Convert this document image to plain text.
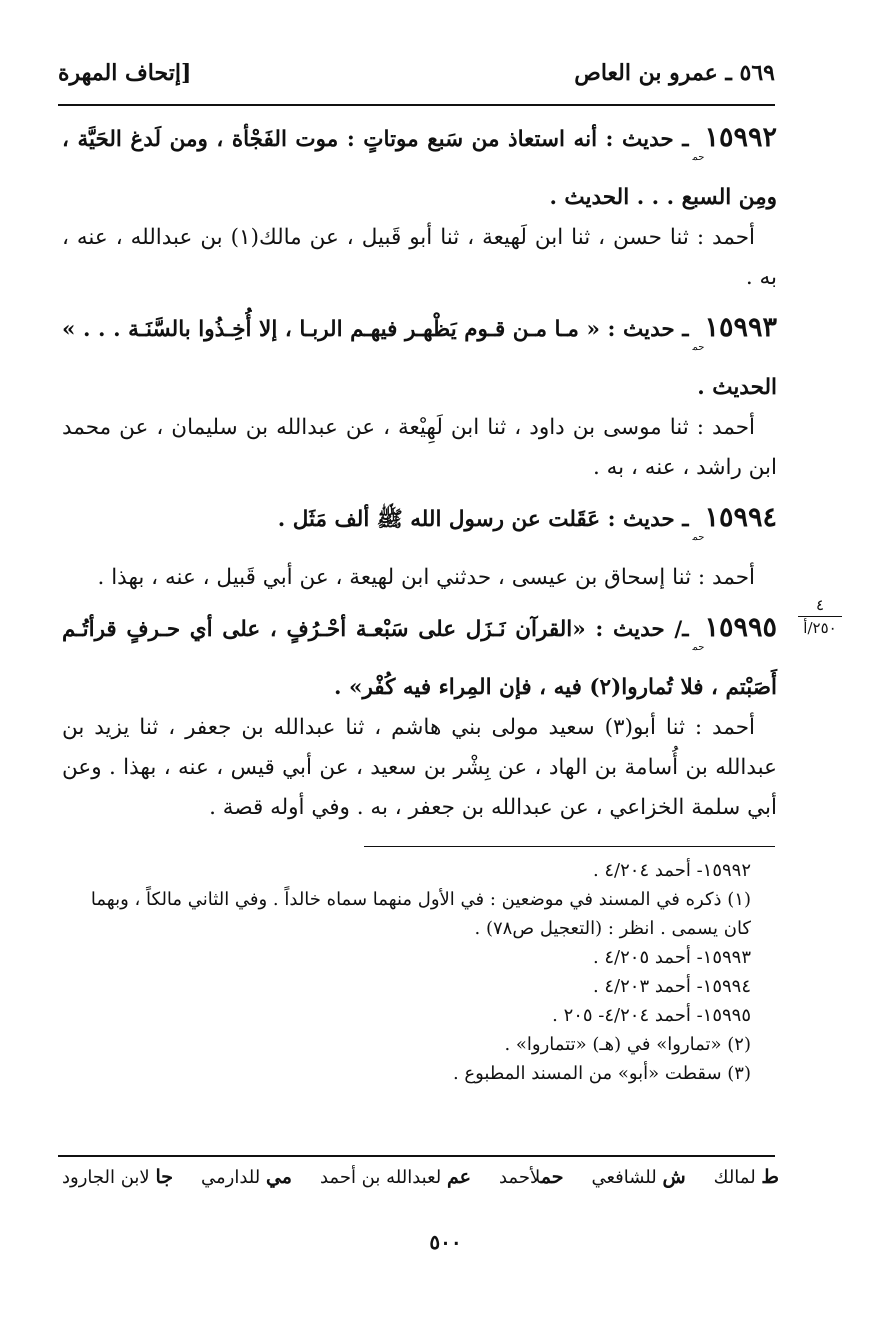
٥٦٩ ـ عمرو بن العاص
[إتحاف المهرة
$١٥٩٩٢_{حم}ـ$ حديث : أنه استعاذ من سَبع موتاتٍ : موت الفَجْأة ، ومن لَدغ الحَيَّة ، ومِن السبع . . . الحديث .
أحمد : ثنا حسن ، ثنا ابن لَهيعة ، ثنا أبو قَبيل ، عن مالك(١) بن عبدالله ، عنه ، به .
$١٥٩٩٣_{حم}ـ$ حديث : « مـا مـن قـوم يَظْهـر فيهـم الربـا ، إلا أُخِـذُوا بالسَّنَـة . . . » الحديث .
أحمد : ثنا موسى بن داود ، ثنا ابن لَهِيْعة ، عن عبدالله بن سليمان ، عن محمد ابن راشد ، عنه ، به .
$١٥٩٩٤_{حم}ـ$ حديث : عَقَلت عن رسول الله ﷺ ألف مَثَل .
أحمد : ثنا إسحاق بن عيسى ، حدثني ابن لهيعة ، عن أبي قَبيل ، عنه ، بهذا .
$١٥٩٩٥_{حم}ـ/$ حديث : «القرآن نَـزَل على سَبْعـة أحْـرُفٍ ، على أي حـرفٍ قرأتُـم أَصَبْتم ، فلا تُماروا(٢) فيه ، فإن المِراء فيه كُفْر» .
أحمد : ثنا أبو(٣) سعيد مولى بني هاشم ، ثنا عبدالله بن جعفر ، ثنا يزيد بن عبدالله بن أُسامة بن الهاد ، عن بِشْر بن سعيد ، عن أبي قيس ، عنه ، بهذا . وعن أبي سلمة الخزاعي ، عن عبدالله بن جعفر ، به . وفي أوله قصة .
٤
٢٥٠/أ
١٥٩٩٢- أحمد ٤/٢٠٤ .
(١) ذكره في المسند في موضعين : في الأول منهما سماه خالداً . وفي الثاني مالكاً ، وبهما كان يسمى . انظر : (التعجيل ص٧٨) .
١٥٩٩٣- أحمد ٤/٢٠٥ .
١٥٩٩٤- أحمد ٤/٢٠٣ .
١٥٩٩٥- أحمد ٤/٢٠٤- ٢٠٥ .
(٢) «تماروا» في (هـ) «تتماروا» .
(٣) سقطت «أبو» من المسند المطبوع .
ط لمالك
ش للشافعي
حملأحمد
عم لعبدالله بن أحمد
مي للدارمي
جا لابن الجارود
٥٠٠
